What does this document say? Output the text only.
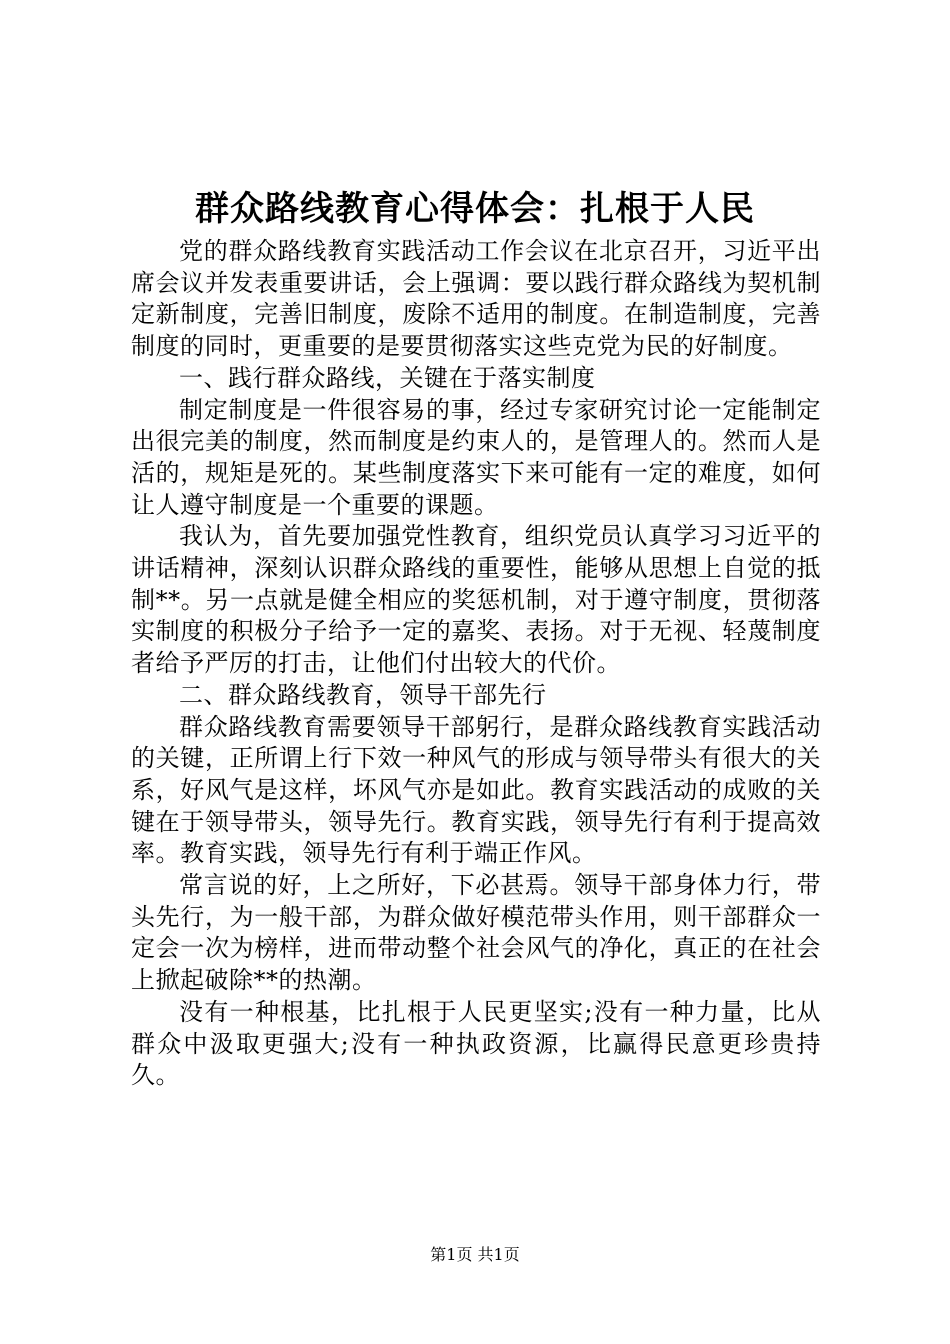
群众路线教育心得体会：扎根于人民

党的群众路线教育实践活动工作会议在北京召开，习近平出席会议并发表重要讲话，会上强调：要以践行群众路线为契机制定新制度，完善旧制度，废除不适用的制度。在制造制度，完善制度的同时，更重要的是要贯彻落实这些克党为民的好制度。

一、践行群众路线，关键在于落实制度

制定制度是一件很容易的事，经过专家研究讨论一定能制定出很完美的制度，然而制度是约束人的，是管理人的。然而人是活的，规矩是死的。某些制度落实下来可能有一定的难度，如何让人遵守制度是一个重要的课题。

我认为，首先要加强党性教育，组织党员认真学习习近平的讲话精神，深刻认识群众路线的重要性，能够从思想上自觉的抵制**。另一点就是健全相应的奖惩机制，对于遵守制度，贯彻落实制度的积极分子给予一定的嘉奖、表扬。对于无视、轻蔑制度者给予严厉的打击，让他们付出较大的代价。

二、群众路线教育，领导干部先行

群众路线教育需要领导干部躬行，是群众路线教育实践活动的关键，正所谓上行下效一种风气的形成与领导带头有很大的关系，好风气是这样，坏风气亦是如此。教育实践活动的成败的关键在于领导带头，领导先行。教育实践，领导先行有利于提高效率。教育实践，领导先行有利于端正作风。

常言说的好，上之所好，下必甚焉。领导干部身体力行，带头先行，为一般干部，为群众做好模范带头作用，则干部群众一定会一次为榜样，进而带动整个社会风气的净化，真正的在社会上掀起破除**的热潮。

没有一种根基，比扎根于人民更坚实;没有一种力量，比从群众中汲取更强大;没有一种执政资源，比赢得民意更珍贵持久。

第1页 共1页
